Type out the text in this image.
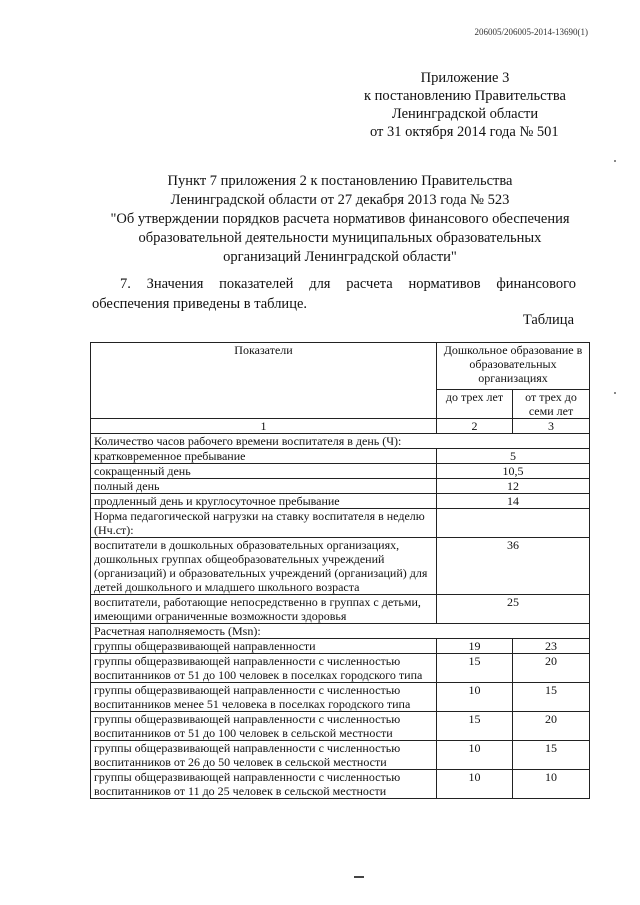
206005/206005-2014-13690(1)
Приложение 3
к постановлению Правительства
Ленинградской области
от 31 октября 2014 года № 501
Пункт 7 приложения 2 к постановлению Правительства
Ленинградской области от 27 декабря 2013 года № 523
"Об утверждении порядков расчета нормативов финансового обеспечения
образовательной деятельности муниципальных образовательных
организаций Ленинградской области"
7. Значения показателей для расчета нормативов финансового обеспечения приведены в таблице.
Таблица
Показатели	Дошкольное образование в образовательных организациях	
	до трех лет	от трех до семи лет
1	2	3
Количество часов рабочего времени воспитателя в день (Ч):		
кратковременное пребывание	5	
сокращенный день	10,5	
полный день	12	
продленный день и круглосуточное пребывание	14	
Норма педагогической нагрузки на ставку воспитателя в неделю (Нч.ст):		
воспитатели в дошкольных образовательных организациях, дошкольных группах общеобразовательных учреждений (организаций) и образовательных учреждений (организаций) для детей дошкольного и младшего школьного возраста	36	
воспитатели, работающие непосредственно в группах с детьми, имеющими ограниченные возможности здоровья	25	
Расчетная наполняемость (Msn):		
группы общеразвивающей направленности	19	23
группы общеразвивающей направленности с численностью воспитанников от 51 до 100 человек в поселках городского типа	15	20
группы общеразвивающей направленности с численностью воспитанников менее 51 человека в поселках городского типа	10	15
группы общеразвивающей направленности с численностью воспитанников от 51 до 100 человек в сельской местности	15	20
группы общеразвивающей направленности с численностью воспитанников от 26 до 50 человек в сельской местности	10	15
группы общеразвивающей направленности с численностью воспитанников от 11 до 25 человек в сельской местности	10	10
